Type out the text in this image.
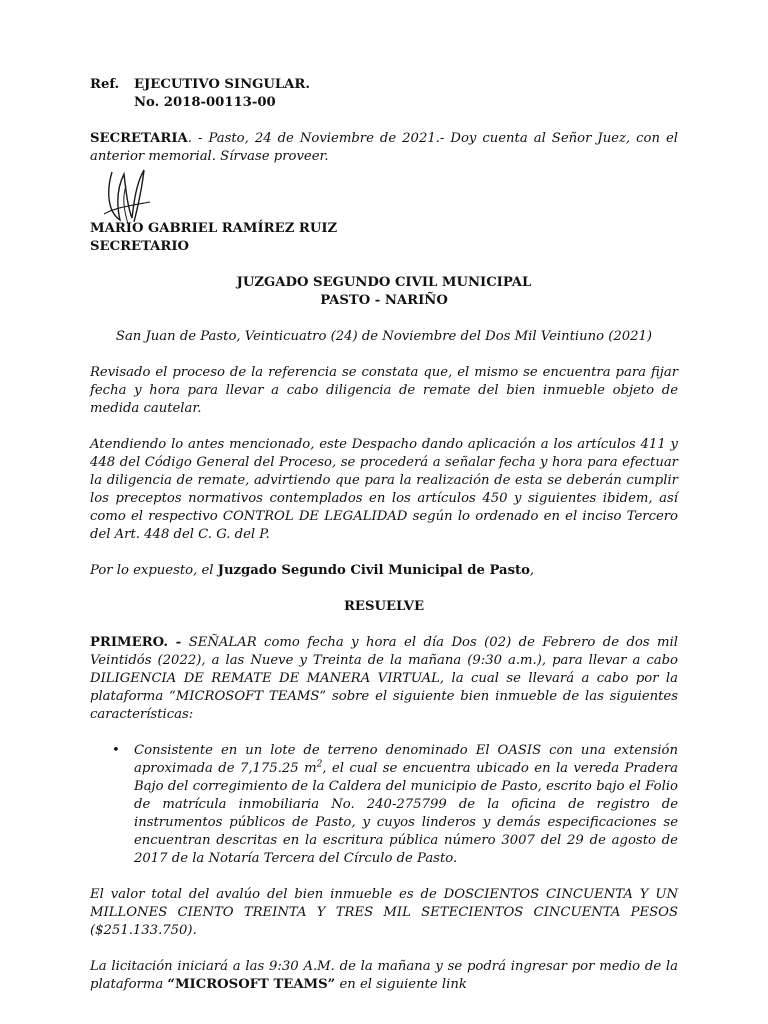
Ref.	EJECUTIVO SINGULAR.
No. 2018-00113-00

SECRETARIA. - Pasto, 24 de Noviembre de 2021.- Doy cuenta al Señor Juez, con el anterior memorial. Sírvase proveer.

MARIO GABRIEL RAMÍREZ RUIZ
SECRETARIO
JUZGADO SEGUNDO CIVIL MUNICIPAL
PASTO - NARIÑO

San Juan de Pasto, Veinticuatro (24) de Noviembre del Dos Mil Veintiuno (2021)

Revisado el proceso de la referencia se constata que, el mismo se encuentra para fijar fecha y hora para llevar a cabo diligencia de remate del bien inmueble objeto de medida cautelar.

Atendiendo lo antes mencionado, este Despacho dando aplicación a los artículos 411 y 448 del Código General del Proceso, se procederá a señalar fecha y hora para efectuar la diligencia de remate, advirtiendo que para la realización de esta se deberán cumplir los preceptos normativos contemplados en los artículos 450 y siguientes ibidem, así como el respectivo CONTROL DE LEGALIDAD según lo ordenado en el inciso Tercero del Art. 448 del C. G. del P.

Por lo expuesto, el Juzgado Segundo Civil Municipal de Pasto,

RESUELVE

PRIMERO. - SEÑALAR como fecha y hora el día Dos (02) de Febrero de dos mil Veintidós (2022), a las Nueve y Treinta de la mañana (9:30 a.m.), para llevar a cabo DILIGENCIA DE REMATE DE MANERA VIRTUAL, la cual se llevará a cabo por la plataforma “MICROSOFT TEAMS” sobre el siguiente bien inmueble de las siguientes características:

• Consistente en un lote de terreno denominado El OASIS con una extensión aproximada de 7,175.25 $m^2$, el cual se encuentra ubicado en la vereda Pradera Bajo del corregimiento de la Caldera del municipio de Pasto, escrito bajo el Folio de matrícula inmobiliaria No. 240-275799 de la oficina de registro de instrumentos públicos de Pasto, y cuyos linderos y demás especificaciones se encuentran descritas en la escritura pública número 3007 del 29 de agosto de 2017 de la Notaría Tercera del Círculo de Pasto.

El valor total del avalúo del bien inmueble es de DOSCIENTOS CINCUENTA Y UN MILLONES CIENTO TREINTA Y TRES MIL SETECIENTOS CINCUENTA PESOS ($251.133.750).

La licitación iniciará a las 9:30 A.M. de la mañana y se podrá ingresar por medio de la plataforma “MICROSOFT TEAMS” en el siguiente link
